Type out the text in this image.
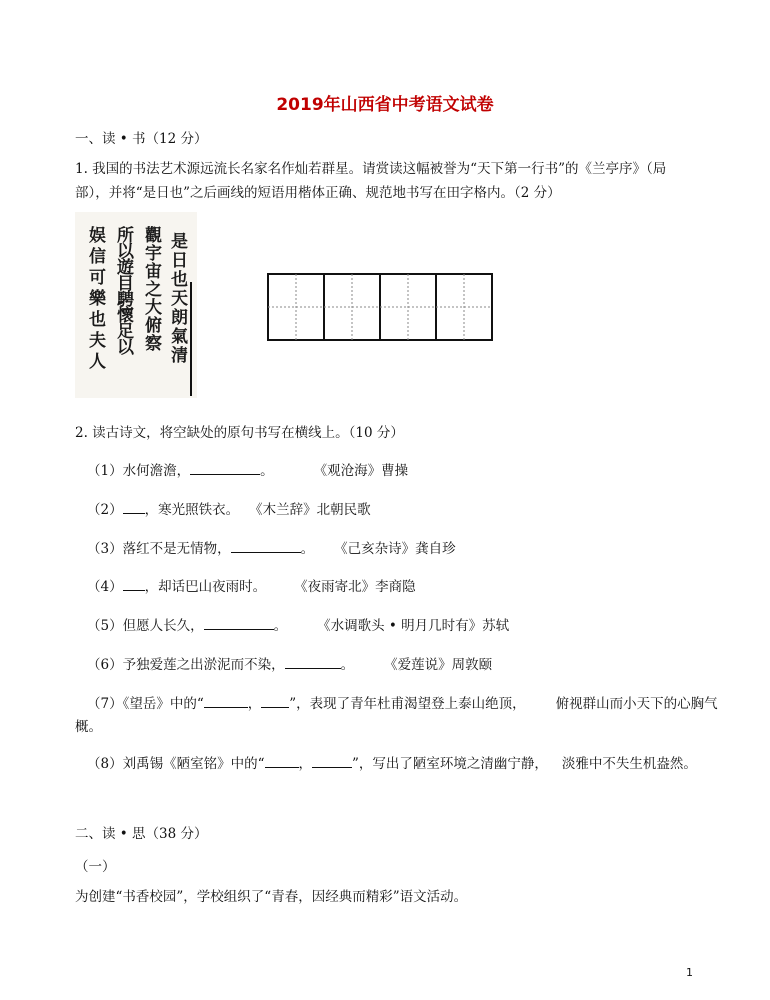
2019年山西省中考语文试卷
一、读 • 书（12 分）
1. 我国的书法艺术源远流长名家名作灿若群星。请赏读这幅被誉为“天下第一行书”的《兰亭序》（局
部），并将“是日也”之后画线的短语用楷体正确、规范地书写在田字格内。（2 分）
是日也天朗氣清
觀宇宙之大俯察
所以遊目騁懷足以
娱信可樂也夫人
2. 读古诗文，将空缺处的原句书写在横线上。（10 分）
（1）水何澹澹，	。	《观沧海》曹操
（2） ，寒光照铁衣。 《木兰辞》北朝民歌
（3）落红不是无情物，	。 《己亥杂诗》龚自珍
（4） ，却话巴山夜雨时。 《夜雨寄北》李商隐
（5）但愿人长久，	。 《水调歌头 • 明月几时有》苏轼
（6）予独爱莲之出淤泥而不染，	。 《爱莲说》周敦颐
（7）《望岳》中的“	， ”，表现了青年杜甫渴望登上泰山绝顶， 俯视群山而小天下的心胸气
概。
（8）刘禹锡《陋室铭》中的“	，	”，写出了陋室环境之清幽宁静， 淡雅中不失生机盎然。
二、读 • 思（38 分）
（一）
为创建“书香校园”，学校组织了“青春，因经典而精彩”语文活动。
1
